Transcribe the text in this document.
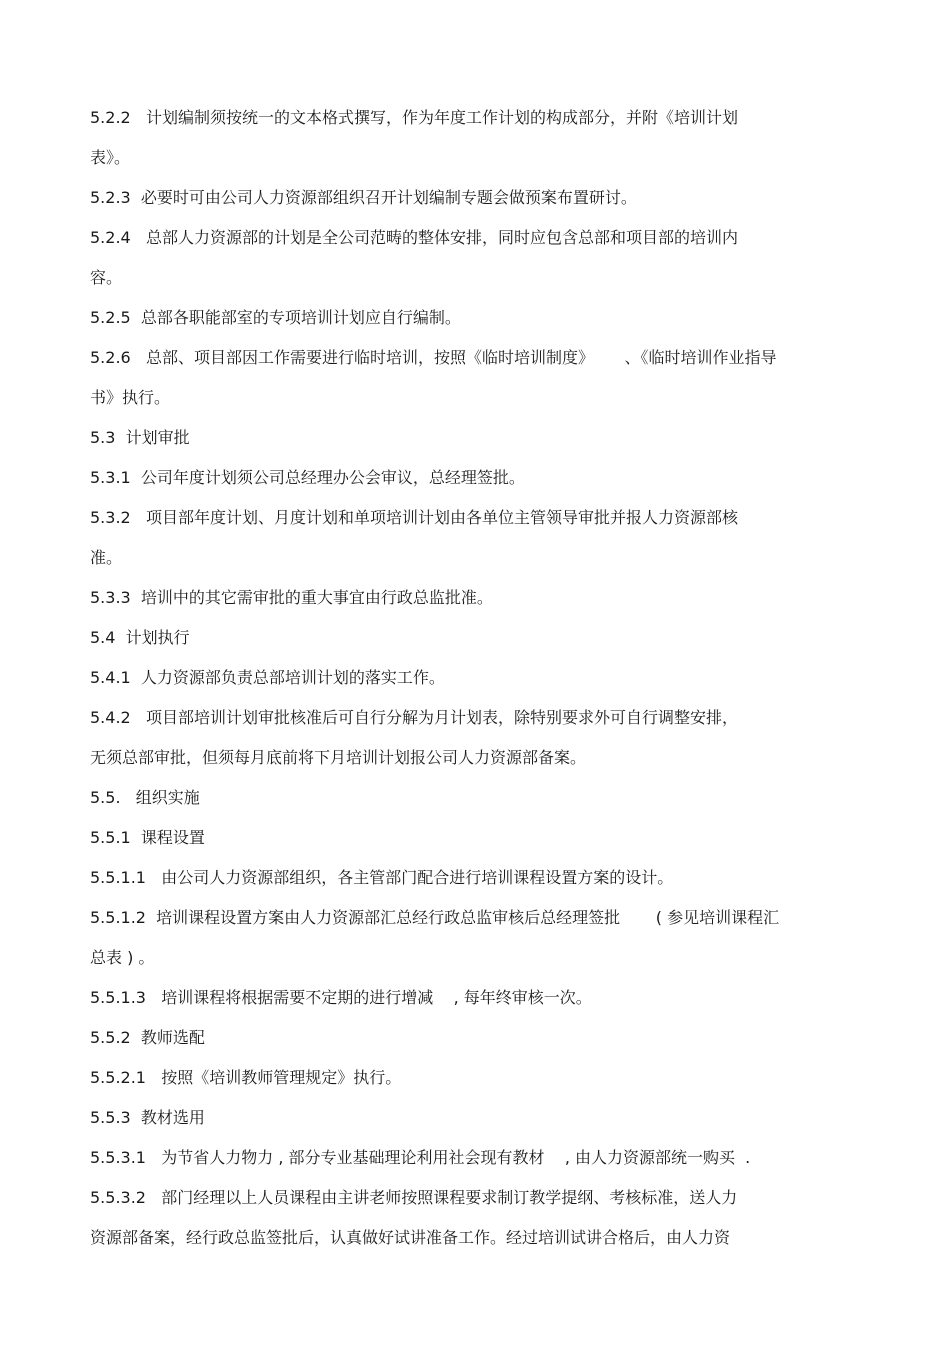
5.2.2   计划编制须按统一的文本格式撰写，作为年度工作计划的构成部分，并附《培训计划
表》。
5.2.3  必要时可由公司人力资源部组织召开计划编制专题会做预案布置研讨。
5.2.4   总部人力资源部的计划是全公司范畴的整体安排，同时应包含总部和项目部的培训内
容。
5.2.5  总部各职能部室的专项培训计划应自行编制。
5.2.6   总部、项目部因工作需要进行临时培训，按照《临时培训制度》      、《临时培训作业指导
书》执行。
5.3  计划审批
5.3.1  公司年度计划须公司总经理办公会审议，总经理签批。
5.3.2   项目部年度计划、月度计划和单项培训计划由各单位主管领导审批并报人力资源部核
准。
5.3.3  培训中的其它需审批的重大事宜由行政总监批准。
5.4  计划执行
5.4.1  人力资源部负责总部培训计划的落实工作。
5.4.2   项目部培训计划审批核准后可自行分解为月计划表，除特别要求外可自行调整安排，
无须总部审批，但须每月底前将下月培训计划报公司人力资源部备案。
5.5.   组织实施
5.5.1  课程设置
5.5.1.1   由公司人力资源部组织，各主管部门配合进行培训课程设置方案的设计。
5.5.1.2  培训课程设置方案由人力资源部汇总经行政总监审核后总经理签批       ( 参见培训课程汇
总表 ) 。
5.5.1.3   培训课程将根据需要不定期的进行增减    , 每年终审核一次。
5.5.2  教师选配
5.5.2.1   按照《培训教师管理规定》执行。
5.5.3  教材选用
5.5.3.1   为节省人力物力 , 部分专业基础理论利用社会现有教材    , 由人力资源部统一购买  .
5.5.3.2   部门经理以上人员课程由主讲老师按照课程要求制订教学提纲、考核标准，送人力
资源部备案，经行政总监签批后，认真做好试讲准备工作。经过培训试讲合格后，由人力资
